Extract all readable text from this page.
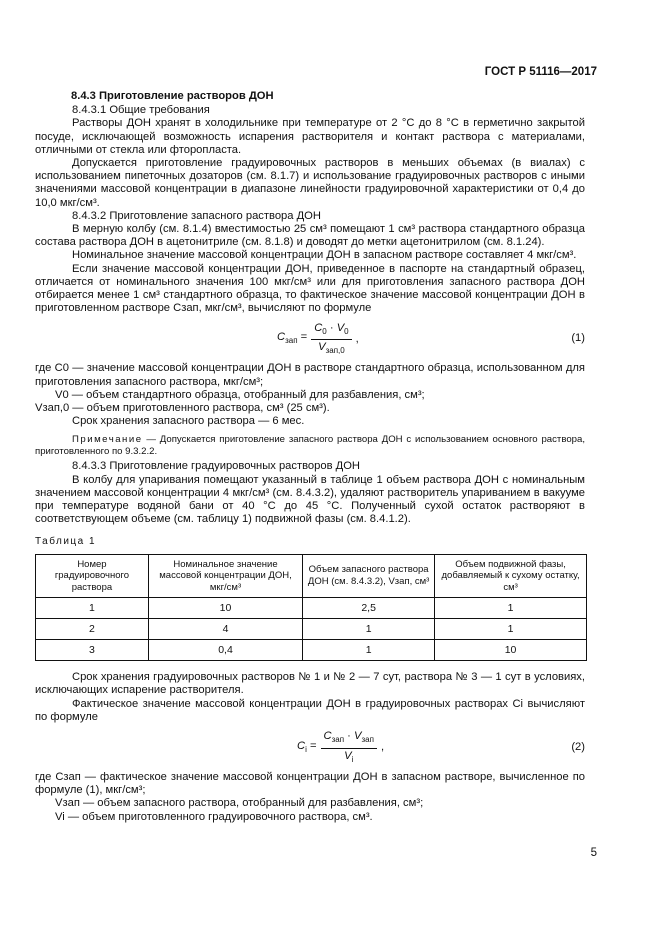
ГОСТ Р 51116—2017
8.4.3 Приготовление растворов ДОН

8.4.3.1 Общие требования

Растворы ДОН хранят в холодильнике при температуре от 2 °С до 8 °С в герметично закрытой посуде, исключающей возможность испарения растворителя и контакт раствора с материалами, отличными от стекла или фторопласта.

Допускается приготовление градуировочных растворов в меньших объемах (в виалах) с использованием пипеточных дозаторов (см. 8.1.7) и использование градуировочных растворов с иными значениями массовой концентрации в диапазоне линейности градуировочной характеристики от 0,4 до 10,0 мкг/см³.

8.4.3.2 Приготовление запасного раствора ДОН

В мерную колбу (см. 8.1.4) вместимостью 25 см³ помещают 1 см³ раствора стандартного образца состава раствора ДОН в ацетонитриле (см. 8.1.8) и доводят до метки ацетонитрилом (см. 8.1.24).

Номинальное значение массовой концентрации ДОН в запасном растворе составляет 4 мкг/см³.

Если значение массовой концентрации ДОН, приведенное в паспорте на стандартный образец, отличается от номинального значения 100 мкг/см³ или для приготовления запасного раствора ДОН отбирается менее 1 см³ стандартного образца, то фактическое значение массовой концентрации ДОН в приготовленном растворе Cзап, мкг/см³, вычисляют по формуле

$C_{зап} = \frac{C_0 \cdot V_0}{V_{зап,0}}$ ,	(1)

где C0 — значение массовой концентрации ДОН в растворе стандартного образца, использованном для приготовления запасного раствора, мкг/см³;

V0 — объем стандартного образца, отобранный для разбавления, см³;

Vзап,0 — объем приготовленного раствора, см³ (25 см³).

Срок хранения запасного раствора — 6 мес.

Примечание — Допускается приготовление запасного раствора ДОН с использованием основного раствора, приготовленного по 9.3.2.2.

8.4.3.3 Приготовление градуировочных растворов ДОН

В колбу для упаривания помещают указанный в таблице 1 объем раствора ДОН с номинальным значением массовой концентрации 4 мкг/см³ (см. 8.4.3.2), удаляют растворитель упариванием в вакууме при температуре водяной бани от 40 °С до 45 °С. Полученный сухой остаток растворяют в соответствующем объеме (см. таблицу 1) подвижной фазы (см. 8.4.1.2).

Таблица 1
Номер градуировочного раствора	Номинальное значение массовой концентрации ДОН, мкг/см³	Объем запасного раствора ДОН (см. 8.4.3.2), Vзап, см³	Объем подвижной фазы, добавляемый к сухому остатку, см³
1	10	2,5	1
2	4	1	1
3	0,4	1	10

Срок хранения градуировочных растворов № 1 и № 2 — 7 сут, раствора № 3 — 1 сут в условиях, исключающих испарение растворителя.

Фактическое значение массовой концентрации ДОН в градуировочных растворах Ci вычисляют по формуле

$C_i = \frac{C_{зап} \cdot V_{зап}}{V_i}$ ,	(2)

где Cзап — фактическое значение массовой концентрации ДОН в запасном растворе, вычисленное по формуле (1), мкг/см³;

Vзап — объем запасного раствора, отобранный для разбавления, см³;

Vi — объем приготовленного градуировочного раствора, см³.

5
